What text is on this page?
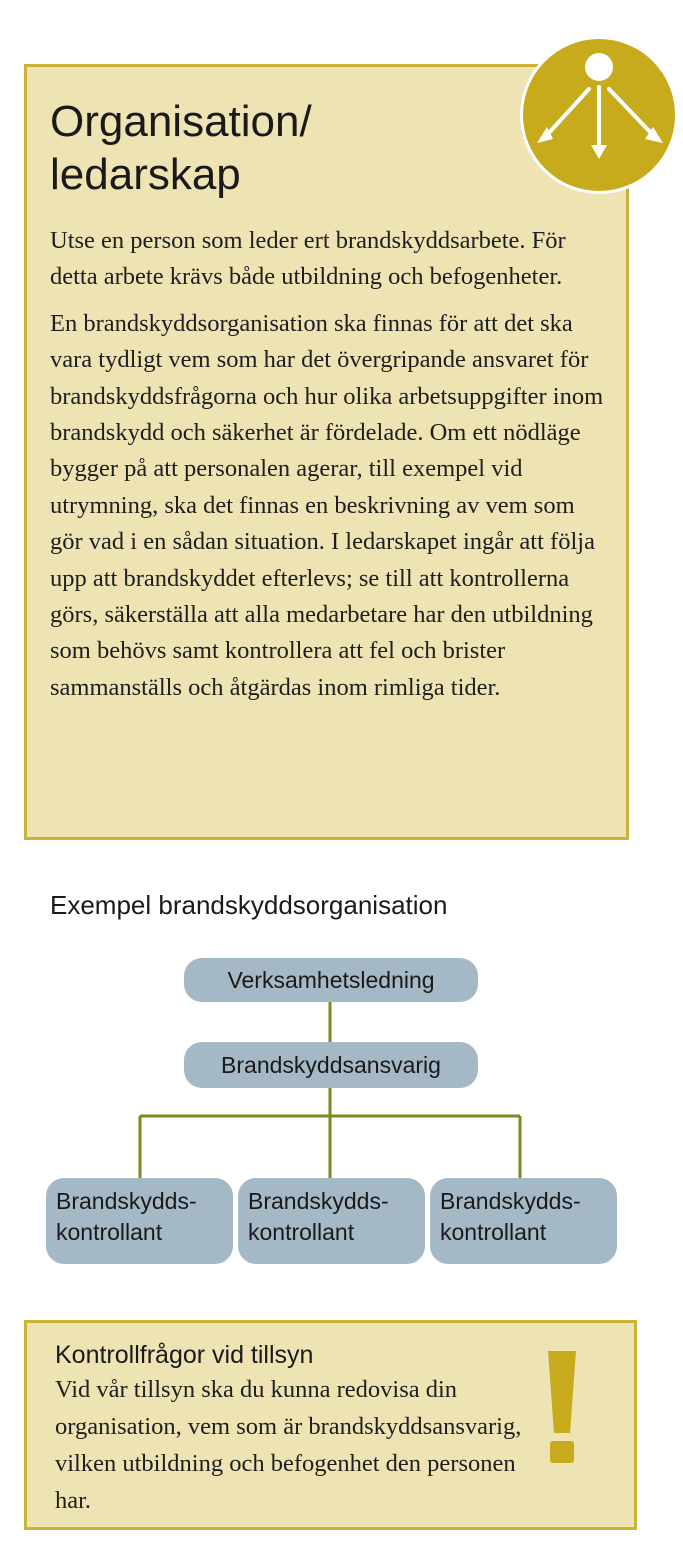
Organisation/
ledarskap

Utse en person som leder ert brandskyddsarbete. För detta arbete krävs både utbildning och befogenheter.

En brandskyddsorganisation ska finnas för att det ska vara tydligt vem som har det övergripande ansvaret för brandskyddsfrågorna och hur olika arbetsuppgifter inom brandskydd och säkerhet är fördelade. Om ett nödläge bygger på att personalen agerar, till exempel vid utrymning, ska det finnas en beskrivning av vem som gör vad i en sådan situation. I ledarskapet ingår att följa upp att brandskyddet efterlevs; se till att kontrollerna görs, säkerställa att alla medarbetare har den utbildning som behövs samt kontrollera att fel och brister sammanställs och åtgärdas inom rimliga tider.

Exempel brandskyddsorganisation
Verksamhetsledning
Brandskyddsansvarig
Brandskydds-
kontrollant
Brandskydds-
kontrollant
Brandskydds-
kontrollant
Kontrollfrågor vid tillsyn

Vid vår tillsyn ska du kunna redovisa din organisation, vem som är brandskyddsansvarig, vilken utbildning och befogenhet den personen har.
